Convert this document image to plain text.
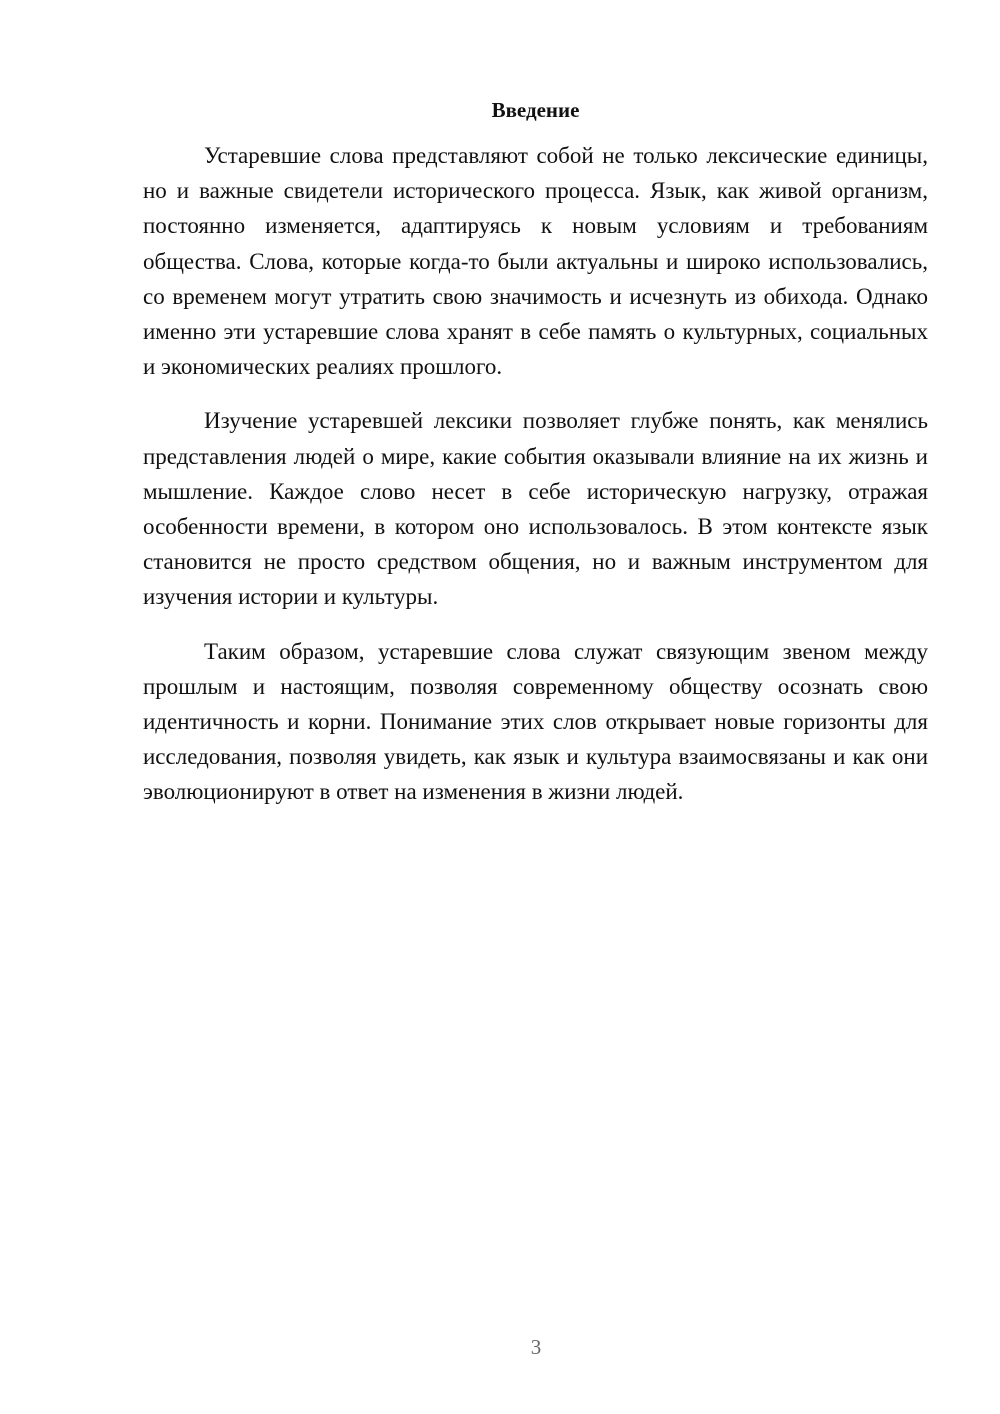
Введение

Устаревшие слова представляют собой не только лексические единицы, но и важные свидетели исторического процесса. Язык, как живой организм, постоянно изменяется, адаптируясь к новым условиям и требованиям общества. Слова, которые когда-то были актуальны и широко использовались, со временем могут утратить свою значимость и исчезнуть из обихода. Однако именно эти устаревшие слова хранят в себе память о культурных, социальных и экономических реалиях прошлого.

Изучение устаревшей лексики позволяет глубже понять, как менялись представления людей о мире, какие события оказывали влияние на их жизнь и мышление. Каждое слово несет в себе историческую нагрузку, отражая особенности времени, в котором оно использовалось. В этом контексте язык становится не просто средством общения, но и важным инструментом для изучения истории и культуры.

Таким образом, устаревшие слова служат связующим звеном между прошлым и настоящим, позволяя современному обществу осознать свою идентичность и корни. Понимание этих слов открывает новые горизонты для исследования, позволяя увидеть, как язык и культура взаимосвязаны и как они эволюционируют в ответ на изменения в жизни людей.

3
